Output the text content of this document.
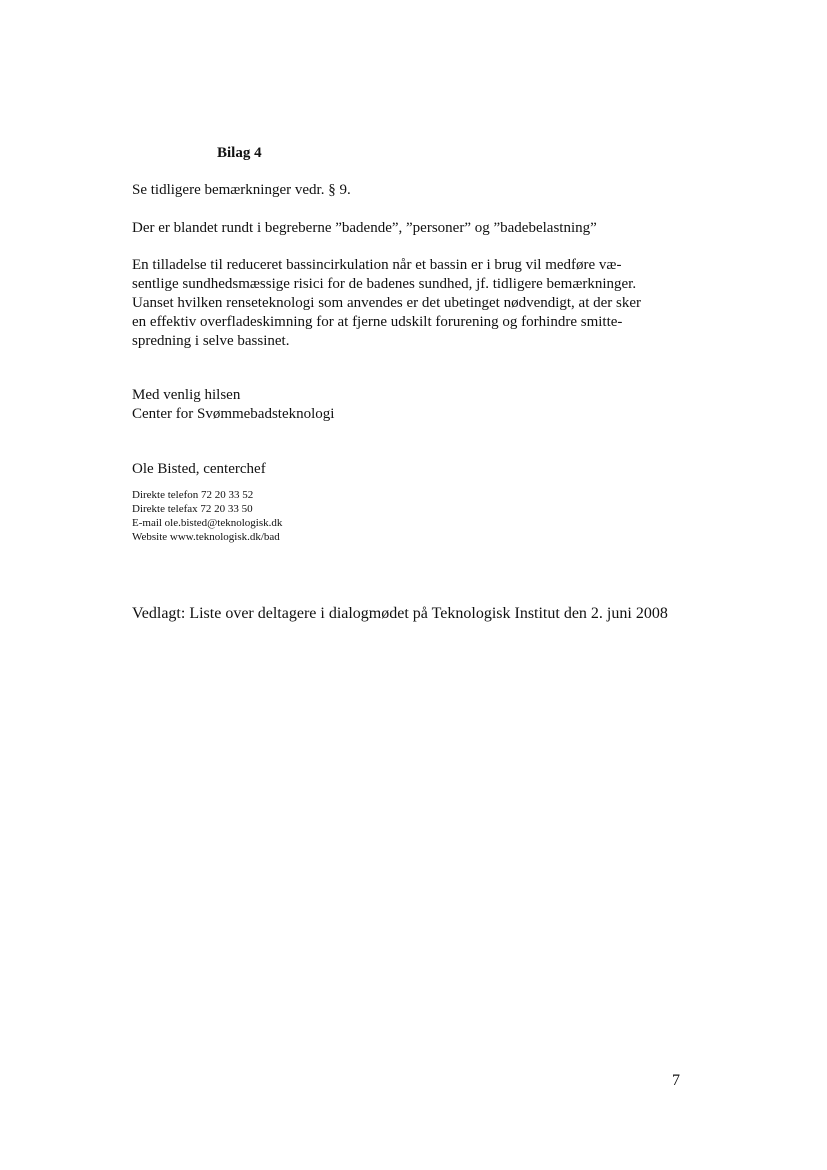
Bilag 4

Se tidligere bemærkninger vedr. § 9.

Der er blandet rundt i begreberne ”badende”, ”personer” og ”badebelastning”

En tilladelse til reduceret bassincirkulation når et bassin er i brug vil medføre væ-
sentlige sundhedsmæssige risici for de badenes sundhed, jf. tidligere bemærkninger.
Uanset hvilken renseteknologi som anvendes er det ubetinget nødvendigt, at der sker
en effektiv overfladeskimning for at fjerne udskilt forurening og forhindre smitte-
spredning i selve bassinet.

Med venlig hilsen
Center for Svømmebadsteknologi

Ole Bisted, centerchef

Direkte telefon 72 20 33 52
Direkte telefax 72 20 33 50
E-mail ole.bisted@teknologisk.dk
Website www.teknologisk.dk/bad

Vedlagt: Liste over deltagere i dialogmødet på Teknologisk Institut den 2. juni 2008

7
